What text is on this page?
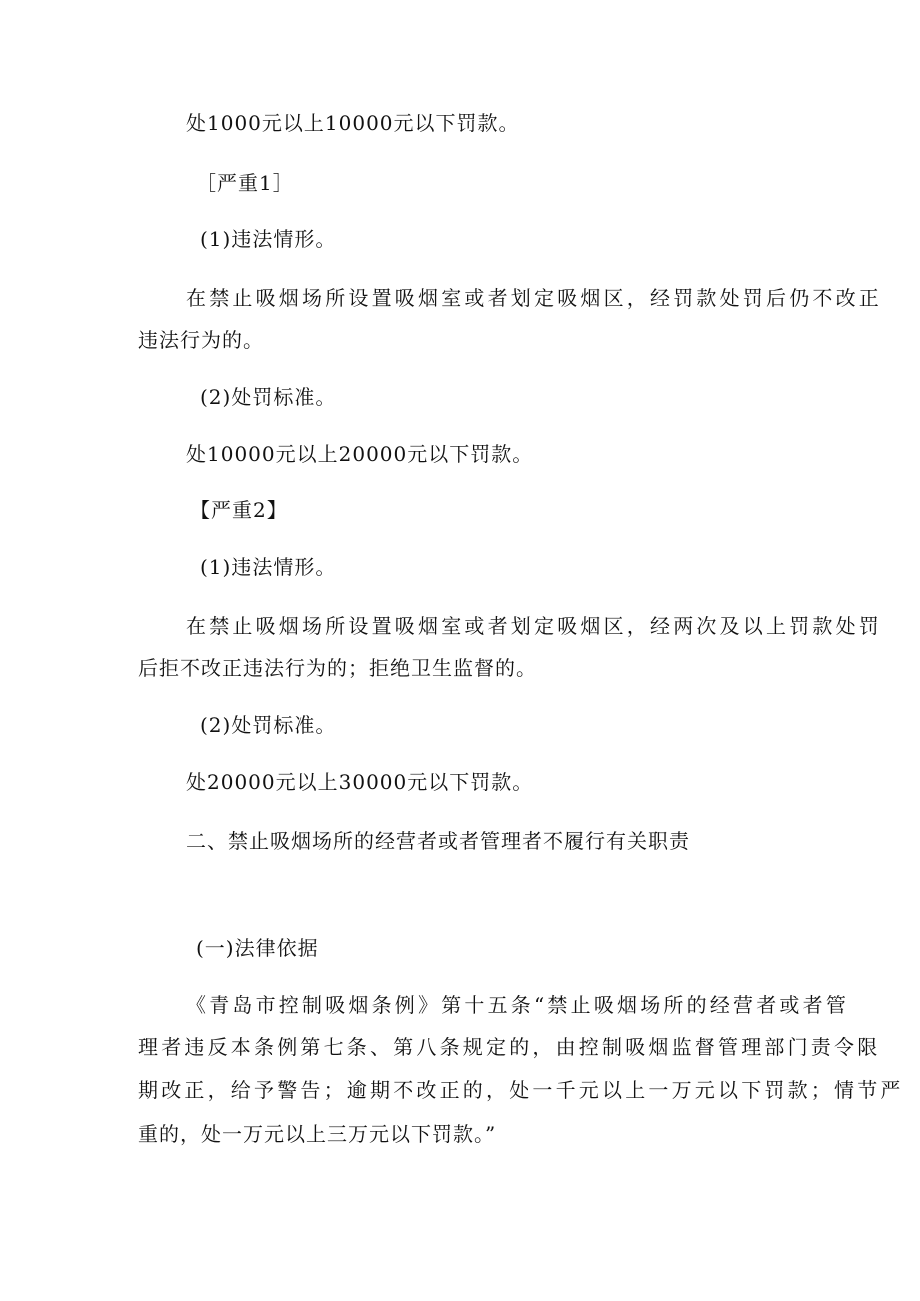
处1000元以上10000元以下罚款。
［严重1］
(1)违法情形。
在禁止吸烟场所设置吸烟室或者划定吸烟区，经罚款处罚后仍不改正
违法行为的。
(2)处罚标准。
处10000元以上20000元以下罚款。
【严重2】
(1)违法情形。
在禁止吸烟场所设置吸烟室或者划定吸烟区，经两次及以上罚款处罚
后拒不改正违法行为的；拒绝卫生监督的。
(2)处罚标准。
处20000元以上30000元以下罚款。
二、禁止吸烟场所的经营者或者管理者不履行有关职责
(一)法律依据
《青岛市控制吸烟条例》第十五条“禁止吸烟场所的经营者或者管
理者违反本条例第七条、第八条规定的，由控制吸烟监督管理部门责令限
期改正，给予警告；逾期不改正的，处一千元以上一万元以下罚款；情节严
重的，处一万元以上三万元以下罚款。”
